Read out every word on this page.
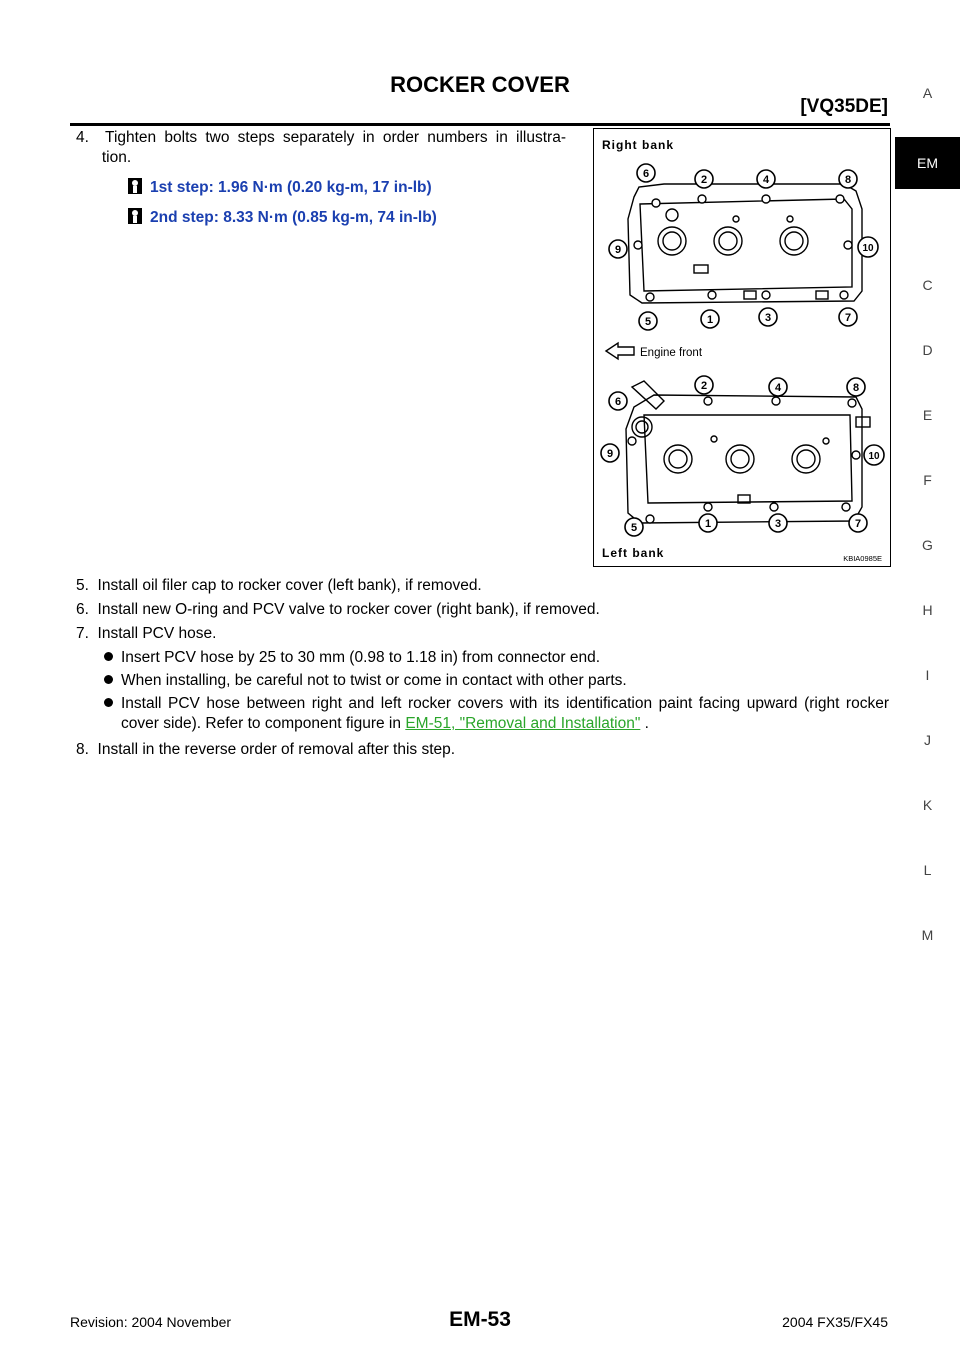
ROCKER COVER
[VQ35DE]
A
EM
C
D
E
F
G
H
I
J
K
L
M
4.  Tighten bolts two steps separately in order numbers in illustra-      tion.
1st step: 1.96 N·m (0.20 kg-m, 17 in-lb)
2nd step: 8.33 N·m (0.85 kg-m, 74 in-lb)
5.  Install oil filer cap to rocker cover (left bank), if removed.
6.  Install new O-ring and PCV valve to rocker cover (right bank), if removed.
7.  Install PCV hose.
Insert PCV hose by 25 to 30 mm (0.98 to 1.18 in) from connector end.
When installing, be careful not to twist or come in contact with other parts.
Install PCV hose between right and left rocker covers with its identification paint facing upward (right rocker cover side). Refer to component figure in EM-51, "Removal and Installation" .
8.  Install in the reverse order of removal after this step.
Right bank
Engine front
6	2	4	8
9	10
5	1	3	7
2	4	8
6
9	10
5	1	3	7
Left bank	KBIA0985E
Revision: 2004 November	EM-53	2004 FX35/FX45
